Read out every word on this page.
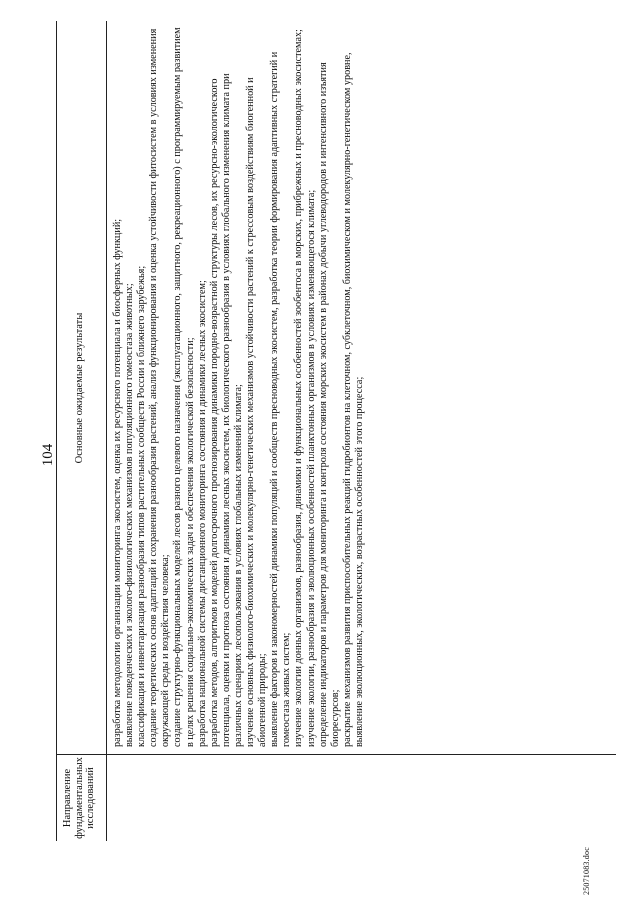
104
25071083.doc
Направление фундаментальных исследований
Основные ожидаемые результаты	разработка методологии организации мониторинга экосистем, оценка их ресурсного потенциала и биосферных функций; выявление поведенческих и эколого-физиологических механизмов популяционного гомеостаза животных; классификация и инвентаризация разнообразия типов растительных сообществ России и ближнего зарубежья; создание теоретических основ адаптаций и сохранения разнообразия растений, анализ функционирования и оценка устойчивости фитосистем в условиях изменения окружающей среды и воздействия человека; создание структурно-функциональных моделей лесов разного целевого назначения (эксплуатационного, защитного, рекреационного) с программируемым развитием в целях решения социально-экономических задач и обеспечения экологической безопасности; разработка национальной системы дистанционного мониторинга состояния и динамики лесных экосистем; разработка методов, алгоритмов и моделей долгосрочного прогнозирования динамики породно-возрастной структуры лесов, их ресурсно-экологического потенциала, оценки и прогноза состояния и динамики лесных экосистем, их биологического разнообразия в условиях глобального изменения климата при различных сценариях лесопользования в условиях глобальных изменений климата; изучение основных физиолого-биохимических и молекулярно-генетических механизмов устойчивости растений к стрессовым воздействиям биогенной и абиогенной природы; выявление факторов и закономерностей динамики популяций и сообществ пресноводных экосистем, разработка теории формирования адаптивных стратегий и гомеостаза живых систем; изучение экологии донных организмов, разнообразия, динамики и функциональных особенностей зообентоса в морских, прибрежных и пресноводных экосистемах; изучение экологии, разнообразия и эволюционных особенностей планктонных организмов в условиях изменяющегося климата; определение индикаторов и параметров для мониторинга и контроля состояния морских экосистем в районах добычи углеводородов и интенсивного изъятия биоресурсов; раскрытие механизмов развития приспособительных реакций гидробионтов на клеточном, субклеточном, биохимическом и молекулярно-генетическом уровне, выявление эволюционных, экологических, возрастных особенностей этого процесса;
